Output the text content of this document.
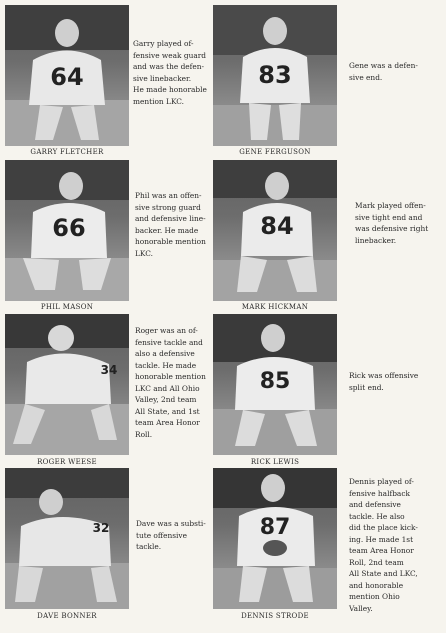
64
GARRY FLETCHER
Garry played of-
fensive weak guard
and was the defen-
sive linebacker.
He made honorable
mention LKC.
83
GENE FERGUSON
Gene was a defen-
sive end.
66
PHIL MASON
Phil was an offen-
sive strong guard
and defensive line-
backer. He made
honorable mention
LKC.
84
MARK HICKMAN
Mark played offen-
sive tight end and
was defensive right
linebacker.
34
ROGER WEESE
Roger was an of-
fensive tackle and
also a defensive
tackle. He made
honorable mention
LKC and All Ohio
Valley, 2nd team
All State, and 1st
team Area Honor
Roll.
85
RICK LEWIS
Rick was offensive
split end.
32
DAVE BONNER
Dave was a substi-
tute offensive
tackle.
87
DENNIS STRODE
Dennis played of-
fensive halfback
and defensive
tackle. He also
did the place kick-
ing. He made 1st
team Area Honor
Roll, 2nd team
All State and LKC,
and honorable
mention Ohio
Valley.
